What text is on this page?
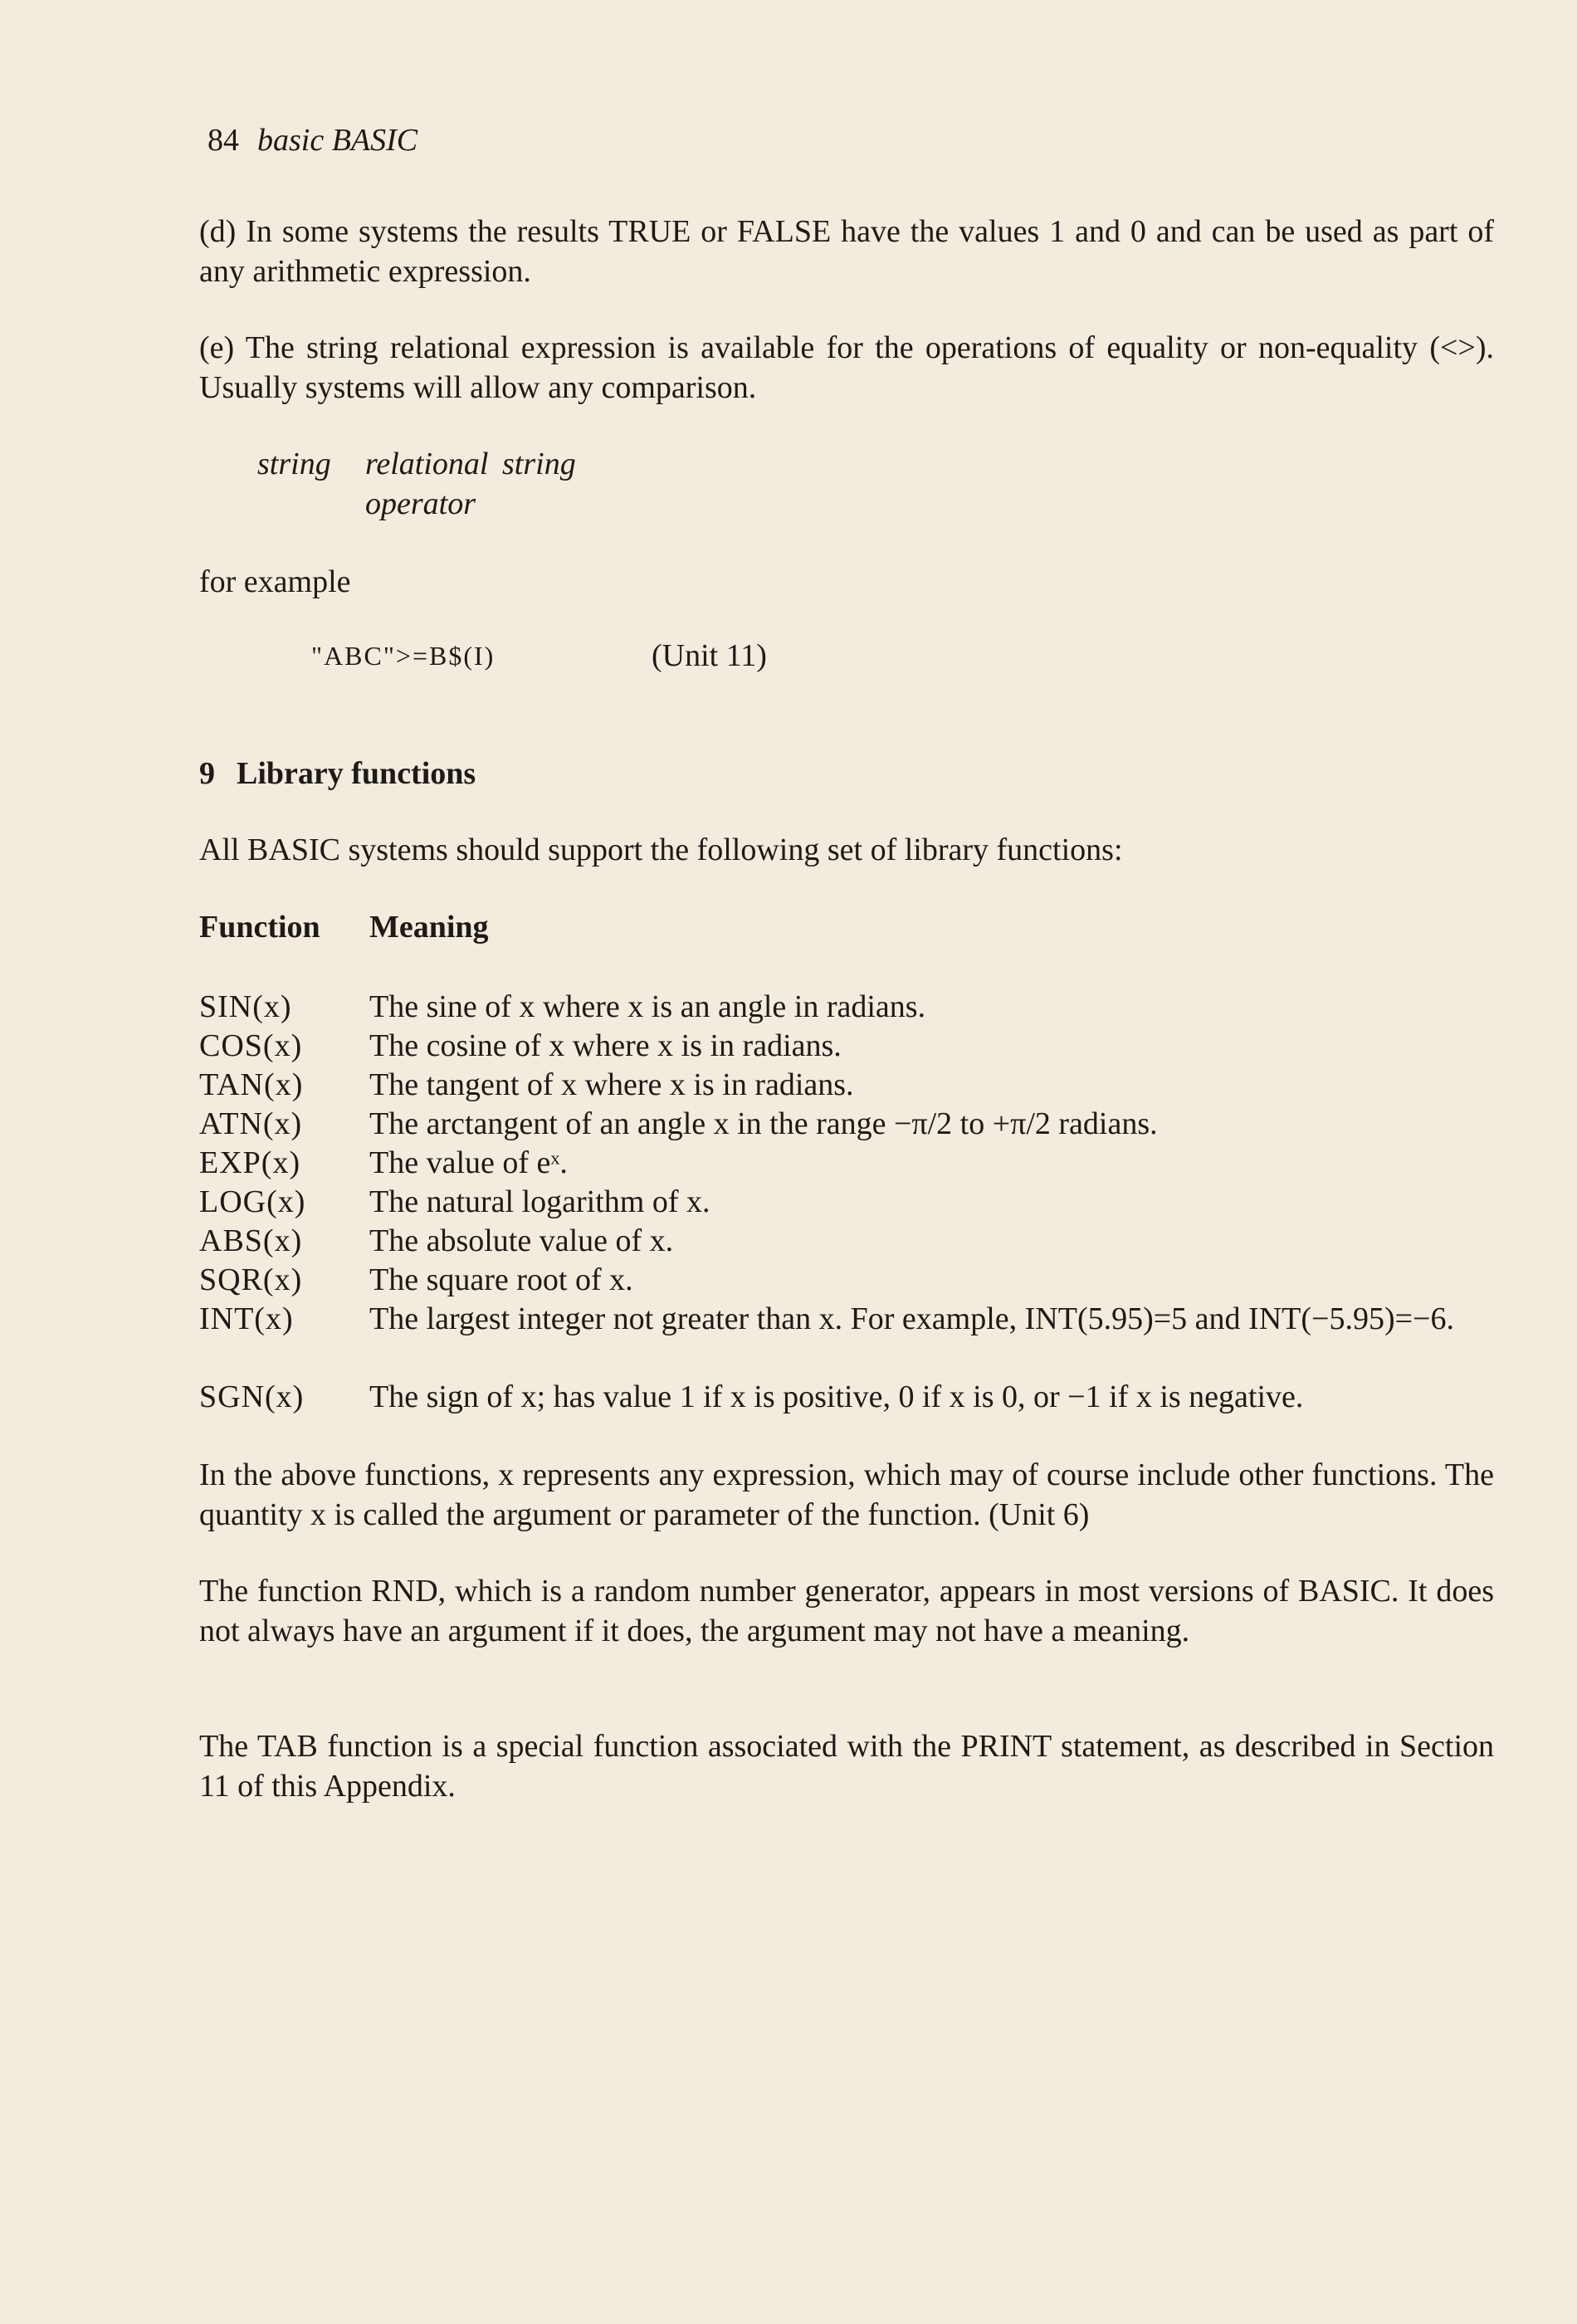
84 basic BASIC
(d) In some systems the results TRUE or FALSE have the values 1 and 0 and can be used as part of any arithmetic expression.
(e) The string relational expression is available for the operations of equality or non-equality (<>). Usually systems will allow any comparison.
string relational string
operator
for example
"ABC">=B$(I)	(Unit 11)
9 Library functions
All BASIC systems should support the following set of library functions:
Function Meaning
SIN(x)	The sine of x where x is an angle in radians.
COS(x)	The cosine of x where x is in radians.
TAN(x)	The tangent of x where x is in radians.
ATN(x)	The arctangent of an angle x in the range −π/2 to +π/2 radians.
EXP(x)	The value of eˣ.
LOG(x)	The natural logarithm of x.
ABS(x)	The absolute value of x.
SQR(x)	The square root of x.
INT(x)	The largest integer not greater than x. For example, INT(5.95)=5 and INT(−5.95)=−6.
SGN(x)	The sign of x; has value 1 if x is positive, 0 if x is 0, or −1 if x is negative.
In the above functions, x represents any expression, which may of course include other functions. The quantity x is called the argument or parameter of the function. (Unit 6)
The function RND, which is a random number generator, appears in most versions of BASIC. It does not always have an argument if it does, the argument may not have a meaning.
The TAB function is a special function associated with the PRINT statement, as described in Section 11 of this Appendix.
